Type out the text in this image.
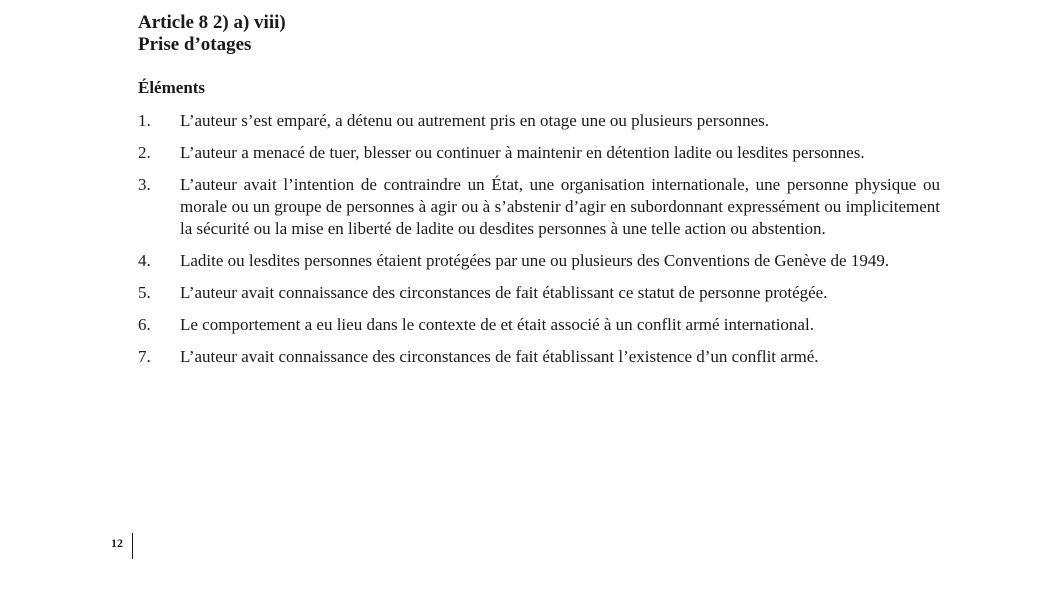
Article 8 2) a) viii)
Prise d’otages
Éléments
1.	L’auteur s’est emparé, a détenu ou autrement pris en otage une ou plusieurs personnes.
2.	L’auteur a menacé de tuer, blesser ou continuer à maintenir en détention ladite ou lesdites personnes.
3.	L’auteur avait l’intention de contraindre un État, une organisation internationale, une personne physique ou morale ou un groupe de personnes à agir ou à s’abstenir d’agir en subordonnant expressément ou implicitement la sécurité ou la mise en liberté de ladite ou desdites personnes à une telle action ou abstention.
4.	Ladite ou lesdites personnes étaient protégées par une ou plusieurs des Conventions de Genève de 1949.
5.	L’auteur avait connaissance des circonstances de fait établissant ce statut de personne protégée.
6.	Le comportement a eu lieu dans le contexte de et était associé à un conflit armé international.
7.	L’auteur avait connaissance des circonstances de fait établissant l’existence d’un conflit armé.
12
